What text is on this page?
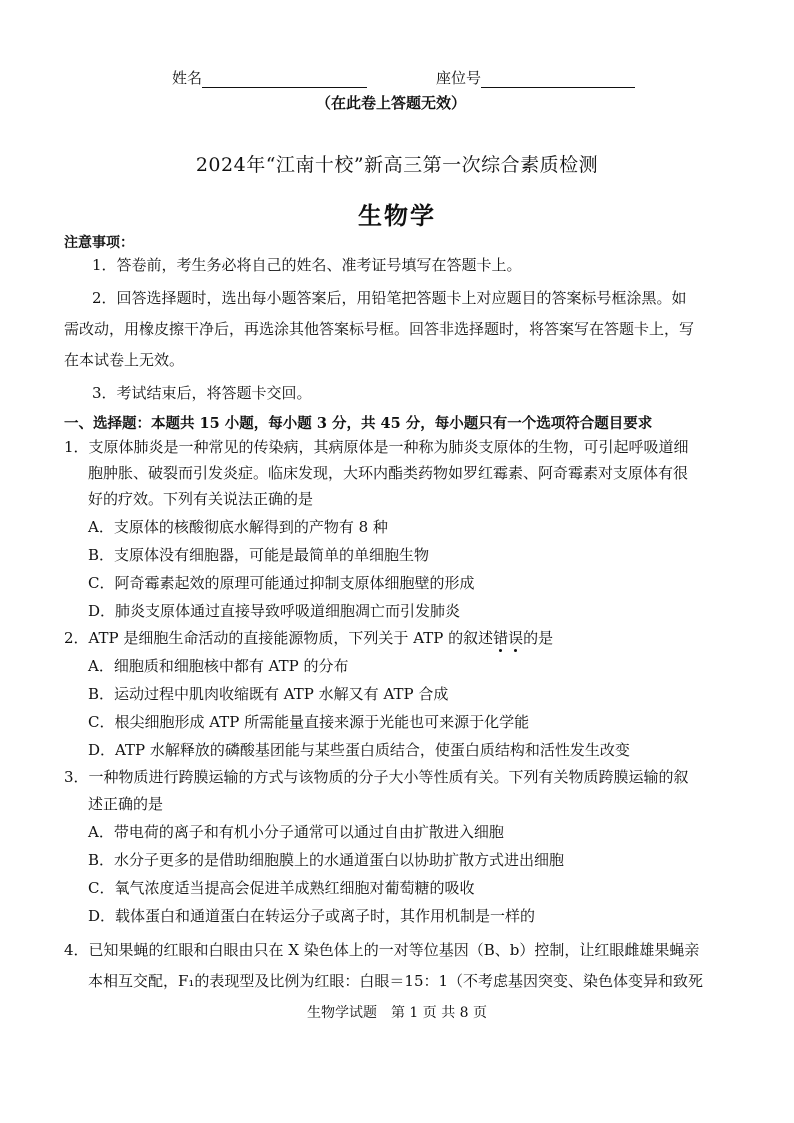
姓名	座位号
（在此卷上答题无效）
2024年“江南十校”新高三第一次综合素质检测
生物学
注意事项：
1．答卷前，考生务必将自己的姓名、准考证号填写在答题卡上。
2．回答选择题时，选出每小题答案后，用铅笔把答题卡上对应题目的答案标号框涂黑。如
需改动，用橡皮擦干净后，再选涂其他答案标号框。回答非选择题时，将答案写在答题卡上，写
在本试卷上无效。
3．考试结束后，将答题卡交回。
一、选择题：本题共 15 小题，每小题 3 分，共 45 分，每小题只有一个选项符合题目要求
1．支原体肺炎是一种常见的传染病，其病原体是一种称为肺炎支原体的生物，可引起呼吸道细
胞肿胀、破裂而引发炎症。临床发现，大环内酯类药物如罗红霉素、阿奇霉素对支原体有很
好的疗效。下列有关说法正确的是
A．支原体的核酸彻底水解得到的产物有 8 种
B．支原体没有细胞器，可能是最简单的单细胞生物
C．阿奇霉素起效的原理可能通过抑制支原体细胞壁的形成
D．肺炎支原体通过直接导致呼吸道细胞凋亡而引发肺炎
2．ATP 是细胞生命活动的直接能源物质，下列关于 ATP 的叙述错误的是
A．细胞质和细胞核中都有 ATP 的分布
B．运动过程中肌肉收缩既有 ATP 水解又有 ATP 合成
C．根尖细胞形成 ATP 所需能量直接来源于光能也可来源于化学能
D．ATP 水解释放的磷酸基团能与某些蛋白质结合，使蛋白质结构和活性发生改变
3．一种物质进行跨膜运输的方式与该物质的分子大小等性质有关。下列有关物质跨膜运输的叙
述正确的是
A．带电荷的离子和有机小分子通常可以通过自由扩散进入细胞
B．水分子更多的是借助细胞膜上的水通道蛋白以协助扩散方式进出细胞
C．氧气浓度适当提高会促进羊成熟红细胞对葡萄糖的吸收
D．载体蛋白和通道蛋白在转运分子或离子时，其作用机制是一样的
4．已知果蝇的红眼和白眼由只在 X 染色体上的一对等位基因（B、b）控制，让红眼雌雄果蝇亲
本相互交配，F₁的表现型及比例为红眼：白眼＝15：1（不考虑基因突变、染色体变异和致死
生物学试题　第 1 页 共 8 页
